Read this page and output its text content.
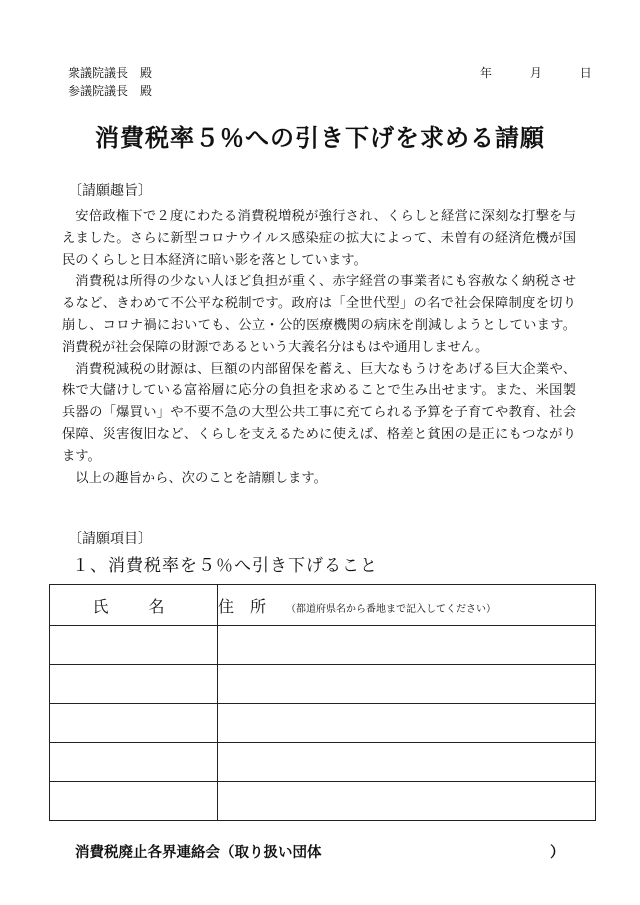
衆議院議長　殿
参議院議長　殿
年	月	日
消費税率５％への引き下げを求める請願
〔請願趣旨〕

安倍政権下で２度にわたる消費税増税が強行され、くらしと経営に深刻な打撃を与えました。さらに新型コロナウイルス感染症の拡大によって、未曽有の経済危機が国民のくらしと日本経済に暗い影を落としています。

消費税は所得の少ない人ほど負担が重く、赤字経営の事業者にも容赦なく納税させるなど、きわめて不公平な税制です。政府は「全世代型」の名で社会保障制度を切り崩し、コロナ禍においても、公立・公的医療機関の病床を削減しようとしています。消費税が社会保障の財源であるという大義名分はもはや通用しません。

消費税減税の財源は、巨額の内部留保を蓄え、巨大なもうけをあげる巨大企業や、株で大儲けしている富裕層に応分の負担を求めることで生み出せます。また、米国製兵器の「爆買い」や不要不急の大型公共工事に充てられる予算を子育てや教育、社会保障、災害復旧など、くらしを支えるために使えば、格差と貧困の是正にもつながります。

以上の趣旨から、次のことを請願します。

〔請願項目〕
１、消費税率を５％へ引き下げること
氏名	住　所 （都道府県名から番地まで記入してください）

消費税廃止各界連絡会（取り扱い団体	）
